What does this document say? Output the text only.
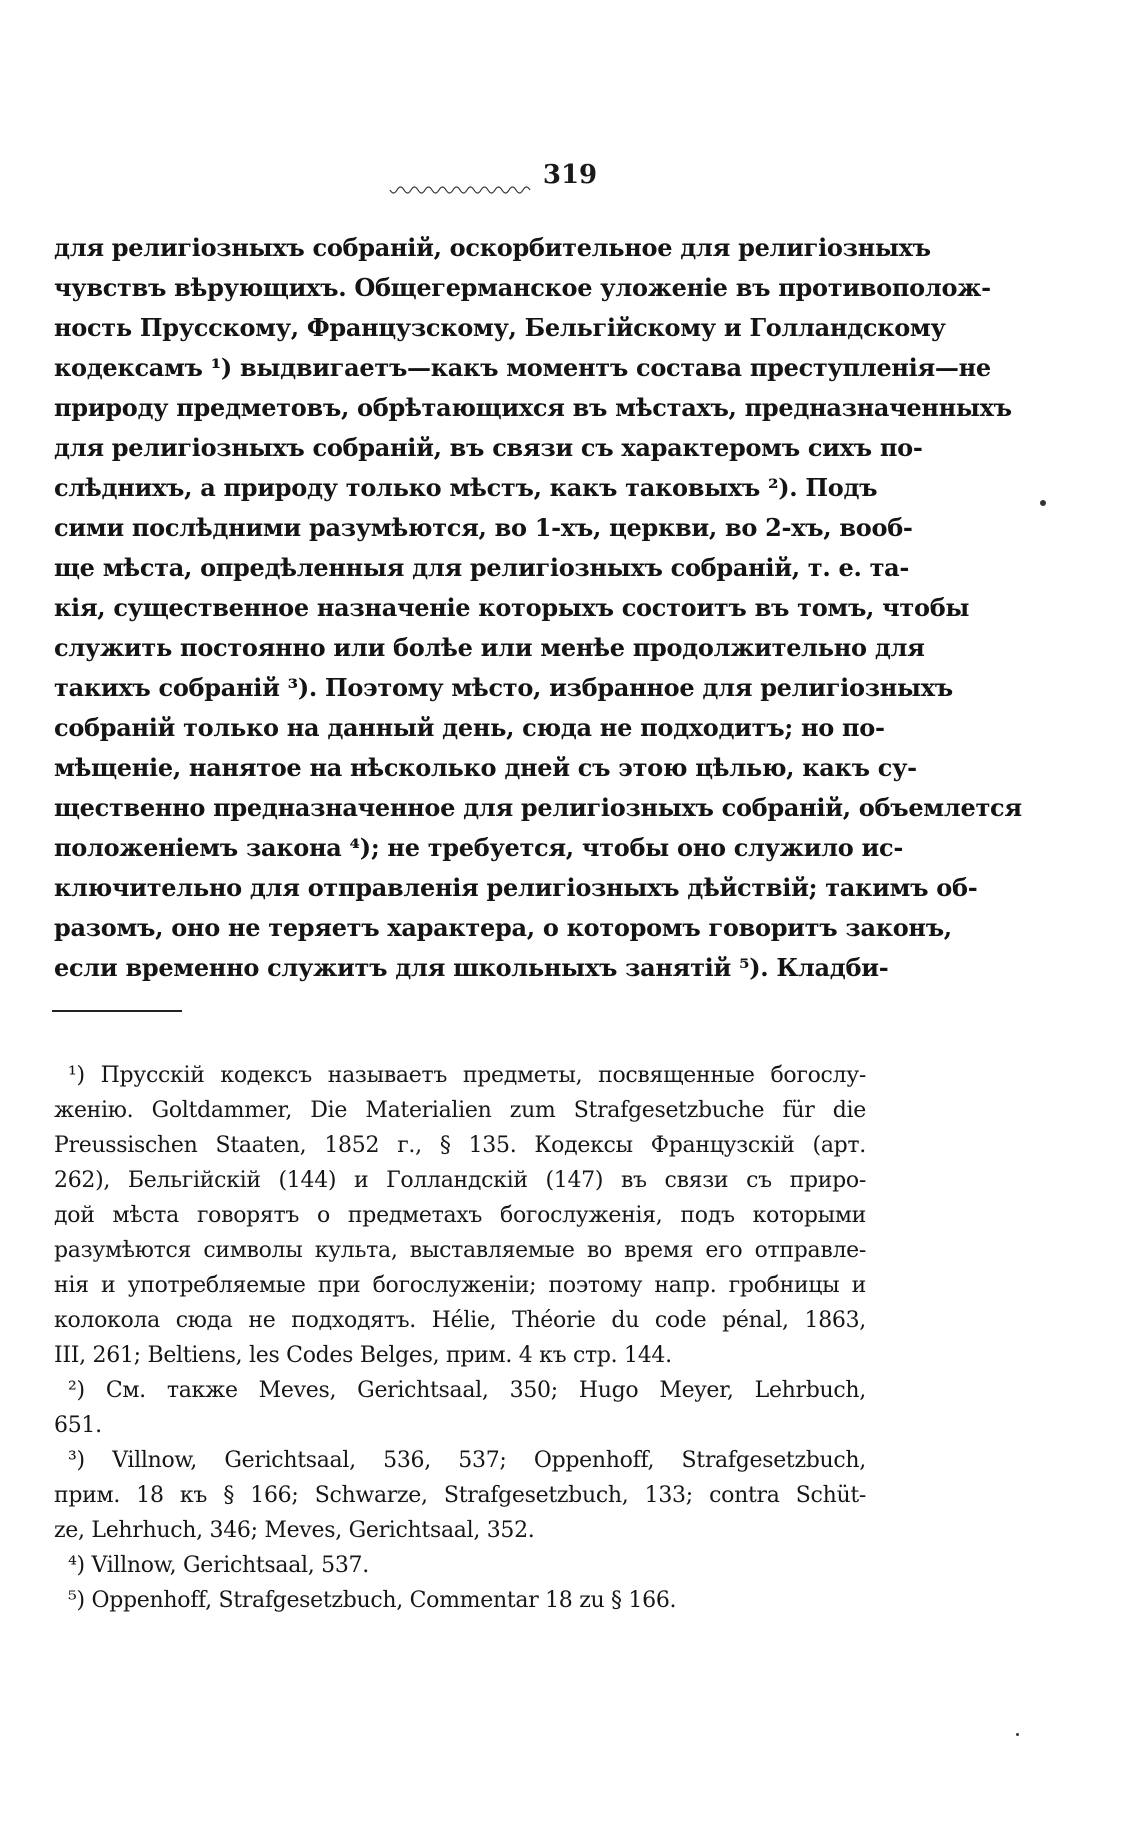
319
для религіозныхъ собраній, оскорбительное для религіозныхъ
чувствъ вѣрующихъ. Общегерманское уложеніе въ противополож-
ность Прусскому, Французскому, Бельгійскому и Голландскому
кодексамъ ¹) выдвигаетъ—какъ моментъ состава преступленія—не
природу предметовъ, обрѣтающихся въ мѣстахъ, предназначенныхъ
для религіозныхъ собраній, въ связи съ характеромъ сихъ по-
слѣднихъ, а природу только мѣстъ, какъ таковыхъ ²). Подъ
сими послѣдними разумѣются, во 1-хъ, церкви, во 2-хъ, вооб-
ще мѣста, опредѣленныя для религіозныхъ собраній, т. е. та-
кія, существенное назначеніе которыхъ состоитъ въ томъ, чтобы
служить постоянно или болѣе или менѣе продолжительно для
такихъ собраній ³). Поэтому мѣсто, избранное для религіозныхъ
собраній только на данный день, сюда не подходитъ; но по-
мѣщеніе, нанятое на нѣсколько дней съ этою цѣлью, какъ су-
щественно предназначенное для религіозныхъ собраній, объемлется
положеніемъ закона ⁴); не требуется, чтобы оно служило ис-
ключительно для отправленія религіозныхъ дѣйствій; такимъ об-
разомъ, оно не теряетъ характера, о которомъ говоритъ законъ,
если временно служитъ для школьныхъ занятій ⁵). Кладби-
¹) Прусскій кодексъ называетъ предметы, посвященные богослу-
женію. Goltdammer, Die Materialien zum Strafgesetzbuche für die
Preussischen Staaten, 1852 г., § 135. Кодексы Французскій (арт.
262), Бельгійскій (144) и Голландскій (147) въ связи съ приро-
дой мѣста говорятъ о предметахъ богослуженія, подъ которыми
разумѣются символы культа, выставляемые во время его отправле-
нія и употребляемые при богослуженіи; поэтому напр. гробницы и
колокола сюда не подходятъ. Hélie, Théorie du code pénal, 1863,
III, 261; Beltiens, les Codes Belges, прим. 4 къ стр. 144.
²) См. также Meves, Gerichtsaal, 350; Hugo Meyer, Lehrbuch,
651.
³) Villnow, Gerichtsaal, 536, 537; Oppenhoff, Strafgesetzbuch,
прим. 18 къ § 166; Schwarze, Strafgesetzbuch, 133; contra Schüt-
ze, Lehrhuch, 346; Meves, Gerichtsaal, 352.
⁴) Villnow, Gerichtsaal, 537.
⁵) Oppenhoff, Strafgesetzbuch, Commentar 18 zu § 166.
